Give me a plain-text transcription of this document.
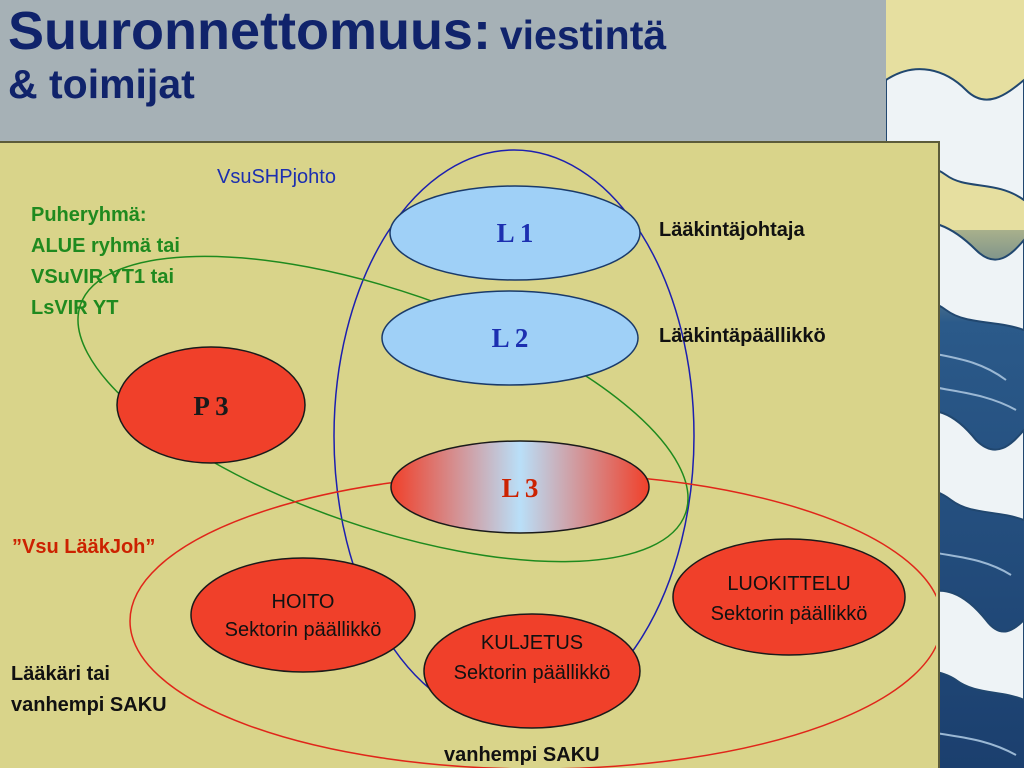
Suuronnettomuus: viestintä
& toimijat
L 1
L 2
P 3
L 3
HOITO
Sektorin päällikkö
KULJETUS
Sektorin päällikkö
LUOKITTELU
Sektorin päällikkö
VsuSHPjohto
Puheryhmä:
ALUE ryhmä tai
VSuVIR YT1 tai
LsVIR YT
Lääkintäjohtaja
Lääkintäpäällikkö
”Vsu LääkJoh”
Lääkäri tai
vanhempi SAKU
vanhempi SAKU
